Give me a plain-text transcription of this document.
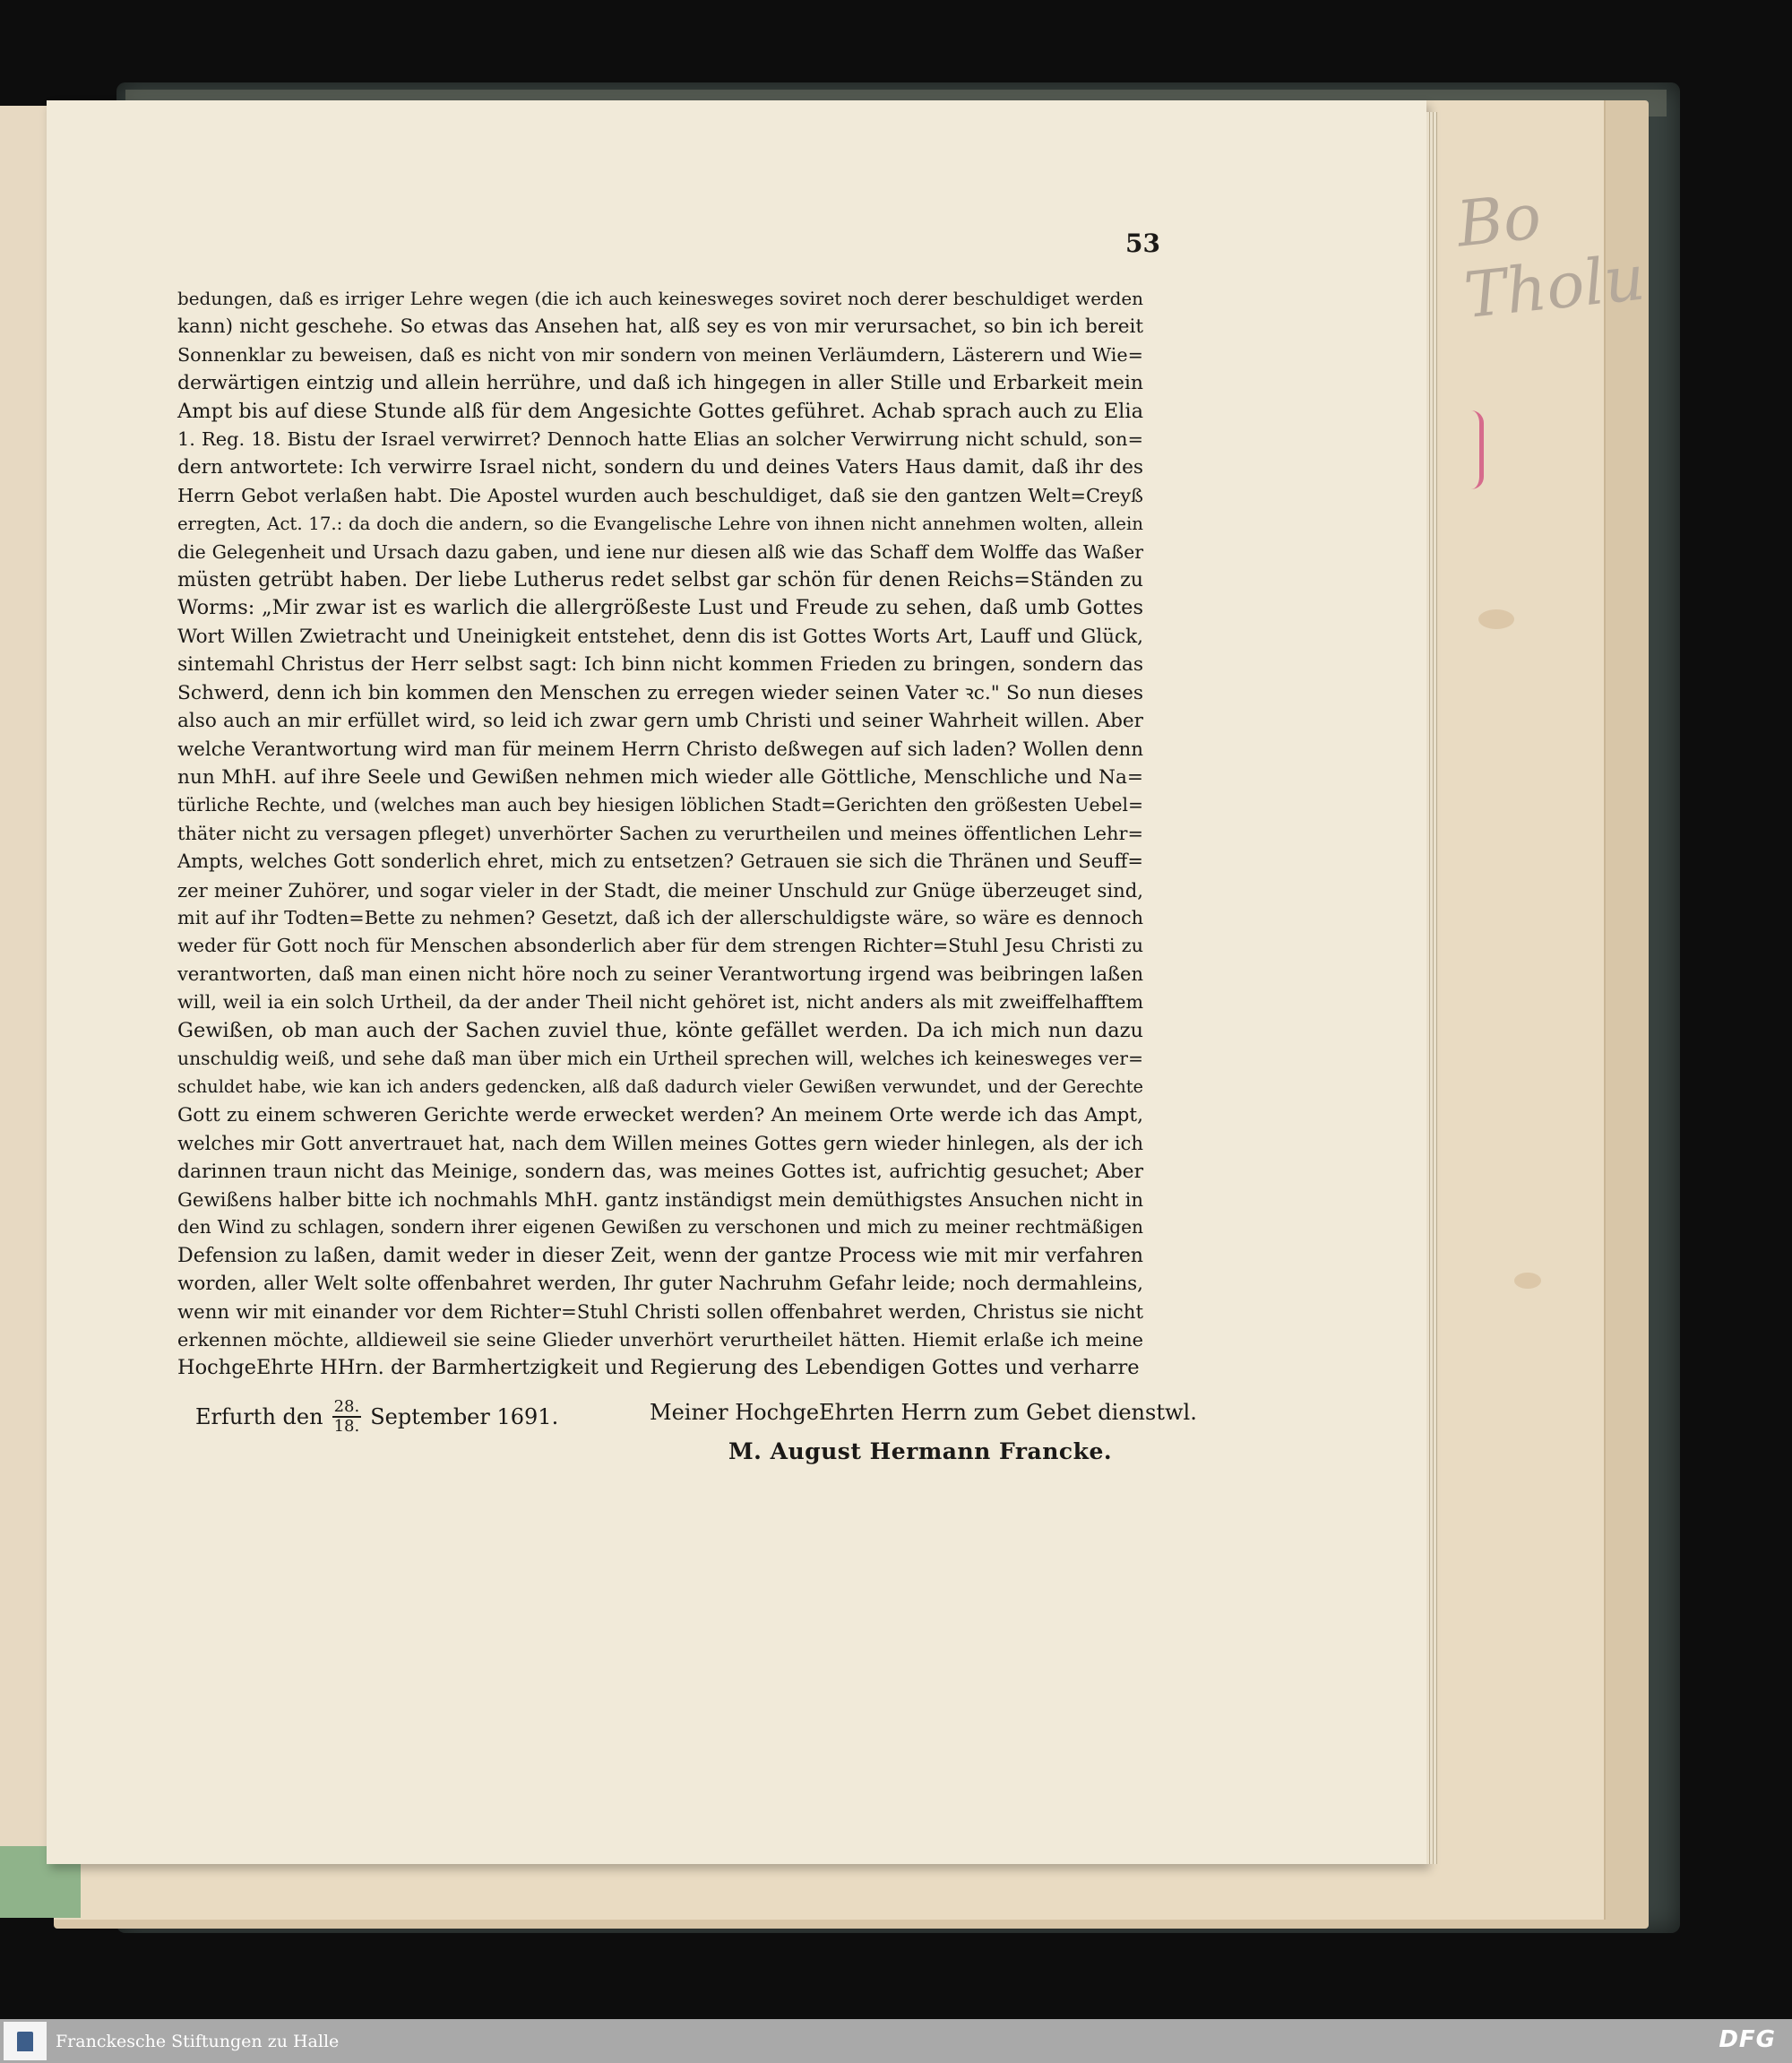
Bo
Tholu
53
bedungen, daß es irriger Lehre wegen (die ich auch keinesweges soviret noch derer beschuldiget werden
kann) nicht geschehe. So etwas das Ansehen hat, alß sey es von mir verursachet, so bin ich bereit
Sonnenklar zu beweisen, daß es nicht von mir sondern von meinen Verläumdern, Lästerern und Wie=
derwärtigen eintzig und allein herrühre, und daß ich hingegen in aller Stille und Erbarkeit mein
Ampt bis auf diese Stunde alß für dem Angesichte Gottes geführet. Achab sprach auch zu Elia
1. Reg. 18. Bistu der Israel verwirret? Dennoch hatte Elias an solcher Verwirrung nicht schuld, son=
dern antwortete: Ich verwirre Israel nicht, sondern du und deines Vaters Haus damit, daß ihr des
Herrn Gebot verlaßen habt. Die Apostel wurden auch beschuldiget, daß sie den gantzen Welt=Creyß
erregten, Act. 17.: da doch die andern, so die Evangelische Lehre von ihnen nicht annehmen wolten, allein
die Gelegenheit und Ursach dazu gaben, und iene nur diesen alß wie das Schaff dem Wolffe das Waßer
müsten getrübt haben. Der liebe Lutherus redet selbst gar schön für denen Reichs=Ständen zu
Worms: „Mir zwar ist es warlich die allergrößeste Lust und Freude zu sehen, daß umb Gottes
Wort Willen Zwietracht und Uneinigkeit entstehet, denn dis ist Gottes Worts Art, Lauff und Glück,
sintemahl Christus der Herr selbst sagt: Ich binn nicht kommen Frieden zu bringen, sondern das
Schwerd, denn ich bin kommen den Menschen zu erregen wieder seinen Vater ꝛc." So nun dieses
also auch an mir erfüllet wird, so leid ich zwar gern umb Christi und seiner Wahrheit willen. Aber
welche Verantwortung wird man für meinem Herrn Christo deßwegen auf sich laden? Wollen denn
nun MhH. auf ihre Seele und Gewißen nehmen mich wieder alle Göttliche, Menschliche und Na=
türliche Rechte, und (welches man auch bey hiesigen löblichen Stadt=Gerichten den größesten Uebel=
thäter nicht zu versagen pfleget) unverhörter Sachen zu verurtheilen und meines öffentlichen Lehr=
Ampts, welches Gott sonderlich ehret, mich zu entsetzen? Getrauen sie sich die Thränen und Seuff=
zer meiner Zuhörer, und sogar vieler in der Stadt, die meiner Unschuld zur Gnüge überzeuget sind,
mit auf ihr Todten=Bette zu nehmen? Gesetzt, daß ich der allerschuldigste wäre, so wäre es dennoch
weder für Gott noch für Menschen absonderlich aber für dem strengen Richter=Stuhl Jesu Christi zu
verantworten, daß man einen nicht höre noch zu seiner Verantwortung irgend was beibringen laßen
will, weil ia ein solch Urtheil, da der ander Theil nicht gehöret ist, nicht anders als mit zweiffelhafftem
Gewißen, ob man auch der Sachen zuviel thue, könte gefället werden. Da ich mich nun dazu
unschuldig weiß, und sehe daß man über mich ein Urtheil sprechen will, welches ich keinesweges ver=
schuldet habe, wie kan ich anders gedencken, alß daß dadurch vieler Gewißen verwundet, und der Gerechte
Gott zu einem schweren Gerichte werde erwecket werden? An meinem Orte werde ich das Ampt,
welches mir Gott anvertrauet hat, nach dem Willen meines Gottes gern wieder hinlegen, als der ich
darinnen traun nicht das Meinige, sondern das, was meines Gottes ist, aufrichtig gesuchet; Aber
Gewißens halber bitte ich nochmahls MhH. gantz inständigst mein demüthigstes Ansuchen nicht in
den Wind zu schlagen, sondern ihrer eigenen Gewißen zu verschonen und mich zu meiner rechtmäßigen
Defension zu laßen, damit weder in dieser Zeit, wenn der gantze Process wie mit mir verfahren
worden, aller Welt solte offenbahret werden, Ihr guter Nachruhm Gefahr leide; noch dermahleins,
wenn wir mit einander vor dem Richter=Stuhl Christi sollen offenbahret werden, Christus sie nicht
erkennen möchte, alldieweil sie seine Glieder unverhört verurtheilet hätten. Hiemit erlaße ich meine
HochgeEhrte HHrn. der Barmhertzigkeit und Regierung des Lebendigen Gottes und verharre
Erfurth den $\frac{28.}{18.}$ September 1691.	Meiner HochgeEhrten Herrn zum Gebet dienstwl.
M. August Hermann Francke.
Franckesche Stiftungen zu Halle	DFG
